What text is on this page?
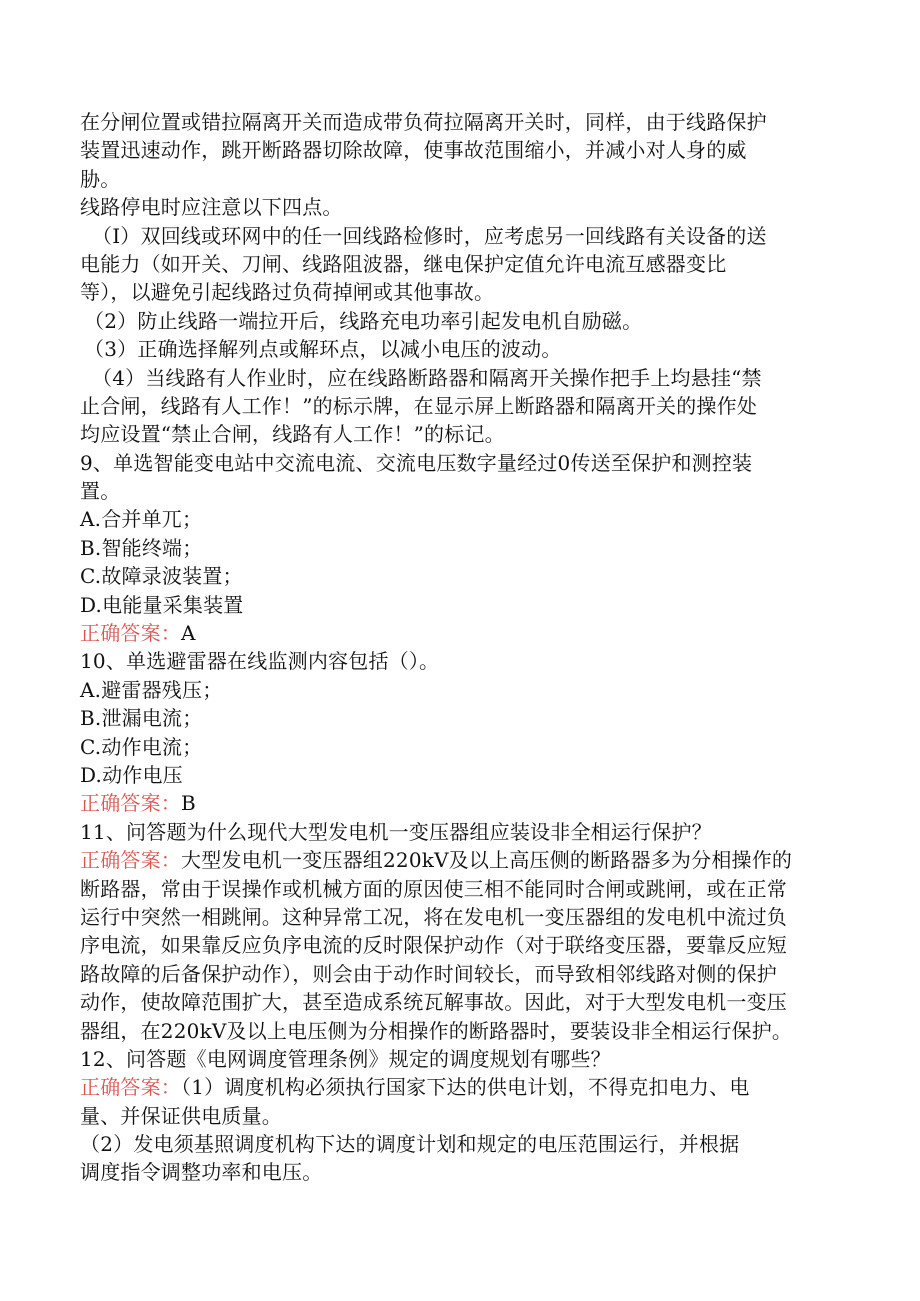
在分闸位置或错拉隔离开关而造成带负荷拉隔离开关时，同样，由于线路保护
装置迅速动作，跳开断路器切除故障，使事故范围缩小，并减小对人身的威
胁。
线路停电时应注意以下四点。
（I）双回线或环网中的任一回线路检修时，应考虑另一回线路有关设备的送
电能力（如开关、刀闸、线路阻波器，继电保护定值允许电流互感器变比
等），以避免引起线路过负荷掉闸或其他事故。
（2）防止线路一端拉开后，线路充电功率引起发电机自励磁。
（3）正确选择解列点或解环点，以减小电压的波动。
（4）当线路有人作业时，应在线路断路器和隔离开关操作把手上均悬挂“禁
止合闸，线路有人工作！”的标示牌，在显示屏上断路器和隔离开关的操作处
均应设置“禁止合闸，线路有人工作！”的标记。
9、单选智能变电站中交流电流、交流电压数字量经过0传送至保护和测控装
置。
A.合并单兀；
B.智能终端；
C.故障录波装置；
D.电能量采集装置
正确答案：A
10、单选避雷器在线监测内容包括（）。
A.避雷器残压；
B.泄漏电流；
C.动作电流；
D.动作电压
正确答案：B
11、问答题为什么现代大型发电机一变压器组应装设非全相运行保护？
正确答案：大型发电机一变压器组220kV及以上高压侧的断路器多为分相操作的
断路器，常由于误操作或机械方面的原因使三相不能同时合闸或跳闸，或在正常
运行中突然一相跳闸。这种异常工况，将在发电机一变压器组的发电机中流过负
序电流，如果靠反应负序电流的反时限保护动作（对于联络变压器，要靠反应短
路故障的后备保护动作），则会由于动作时间较长，而导致相邻线路对侧的保护
动作，使故障范围扩大，甚至造成系统瓦解事故。因此，对于大型发电机一变压
器组，在220kV及以上电压侧为分相操作的断路器时，要装设非全相运行保护。
12、问答题《电网调度管理条例》规定的调度规划有哪些？
正确答案：（1）调度机构必须执行国家下达的供电计划，不得克扣电力、电
量、并保证供电质量。
（2）发电须基照调度机构下达的调度计划和规定的电压范围运行，并根据
调度指令调整功率和电压。
